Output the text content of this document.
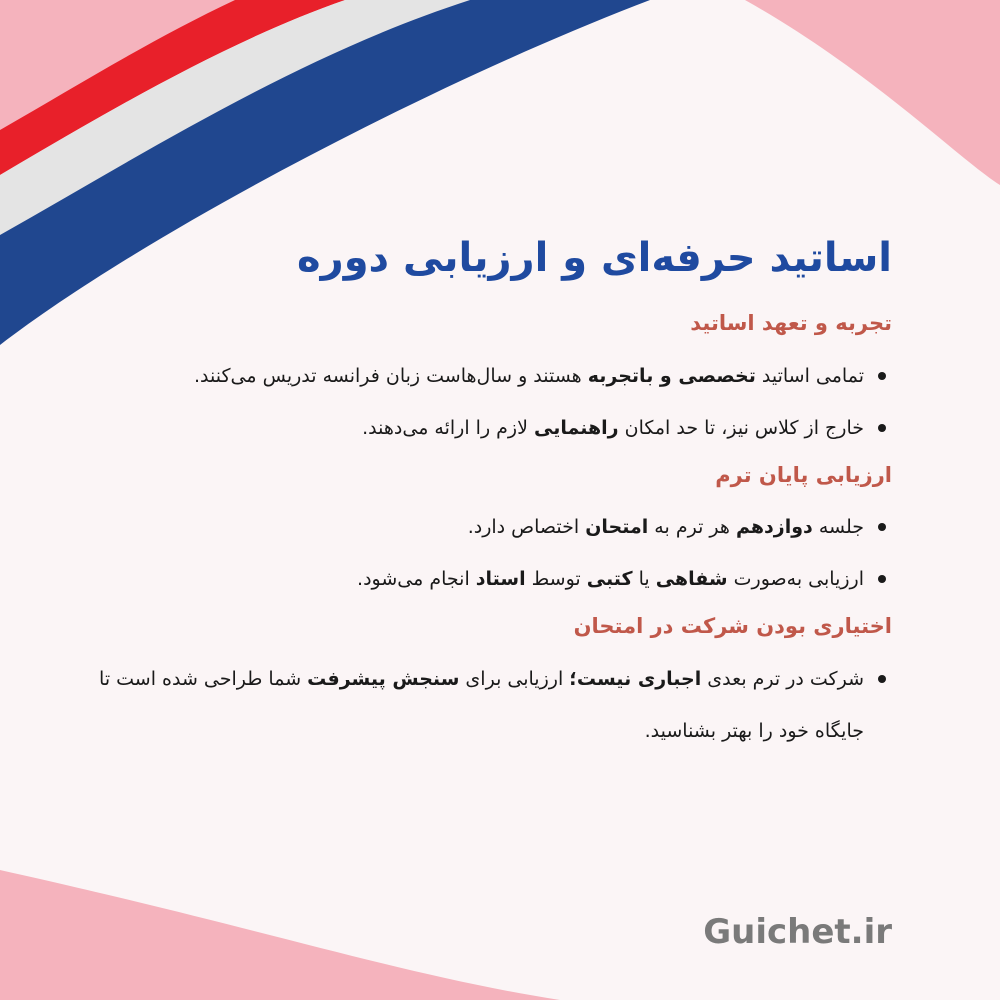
اساتید حرفه‌ای و ارزیابی دوره
تجربه و تعهد اساتید
تمامی اساتید تخصصی و باتجربه هستند و سال‌هاست زبان فرانسه تدریس می‌کنند.
خارج از کلاس نیز، تا حد امکان راهنمایی لازم را ارائه می‌دهند.
ارزیابی پایان ترم
جلسه دوازدهم هر ترم به امتحان اختصاص دارد.
ارزیابی به‌صورت شفاهی یا کتبی توسط استاد انجام می‌شود.
اختیاری بودن شرکت در امتحان
شرکت در ترم بعدی اجباری نیست؛ ارزیابی برای سنجش پیشرفت شما طراحی شده است تا جایگاه خود را بهتر بشناسید.
Guichet.ir
